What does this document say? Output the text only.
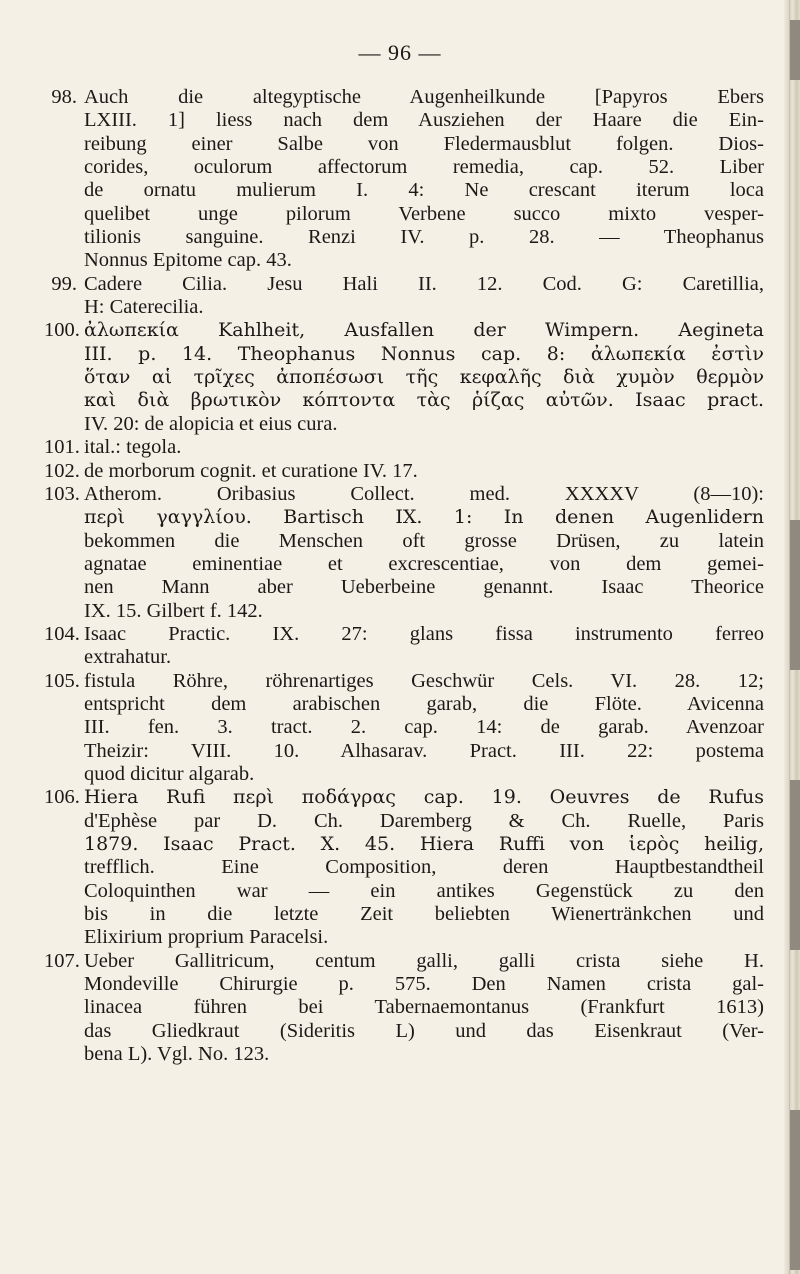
— 96 —
98. Auch die altegyptische Augenheilkunde [Papyros Ebers
LXIII. 1] liess nach dem Ausziehen der Haare die Ein-
reibung einer Salbe von Fledermausblut folgen. Dios-
corides, oculorum affectorum remedia, cap. 52. Liber
de ornatu mulierum I. 4: Ne crescant iterum loca
quelibet unge pilorum Verbene succo mixto vesper-
tilionis sanguine. Renzi IV. p. 28. — Theophanus
Nonnus Epitome cap. 43.
99. Cadere Cilia. Jesu Hali II. 12. Cod. G: Caretillia,
H: Caterecilia.
100. ἀλωπεκία Kahlheit, Ausfallen der Wimpern. Aegineta
III. p. 14. Theophanus Nonnus cap. 8: ἀλωπεκία ἐστὶν
ὅταν αἱ τρῖχες ἀποπέσωσι τῆς κεφαλῆς διὰ χυμὸν θερμὸν
καὶ διὰ βρωτικὸν κόπτοντα τὰς ῥίζας αὐτῶν. Isaac pract.
IV. 20: de alopicia et eius cura.
101. ital.: tegola.
102. de morborum cognit. et curatione IV. 17.
103. Atherom. Oribasius Collect. med. XXXXV (8—10):
περὶ γαγγλίου. Bartisch IX. 1: In denen Augenlidern
bekommen die Menschen oft grosse Drüsen, zu latein
agnatae eminentiae et excrescentiae, von dem gemei-
nen Mann aber Ueberbeine genannt. Isaac Theorice
IX. 15. Gilbert f. 142.
104. Isaac Practic. IX. 27: glans fissa instrumento ferreo
extrahatur.
105. fistula Röhre, röhrenartiges Geschwür Cels. VI. 28. 12;
entspricht dem arabischen garab, die Flöte. Avicenna
III. fen. 3. tract. 2. cap. 14: de garab. Avenzoar
Theizir: VIII. 10. Alhasarav. Pract. III. 22: postema
quod dicitur algarab.
106. Hiera Rufi περὶ ποδάγρας cap. 19. Oeuvres de Rufus
d'Ephèse par D. Ch. Daremberg & Ch. Ruelle, Paris
1879. Isaac Pract. X. 45. Hiera Ruffi von ἱερὸς heilig,
trefflich. Eine Composition, deren Hauptbestandtheil
Coloquinthen war — ein antikes Gegenstück zu den
bis in die letzte Zeit beliebten Wienertränkchen und
Elixirium proprium Paracelsi.
107. Ueber Gallitricum, centum galli, galli crista siehe H.
Mondeville Chirurgie p. 575. Den Namen crista gal-
linacea führen bei Tabernaemontanus (Frankfurt 1613)
das Gliedkraut (Sideritis L) und das Eisenkraut (Ver-
bena L). Vgl. No. 123.
